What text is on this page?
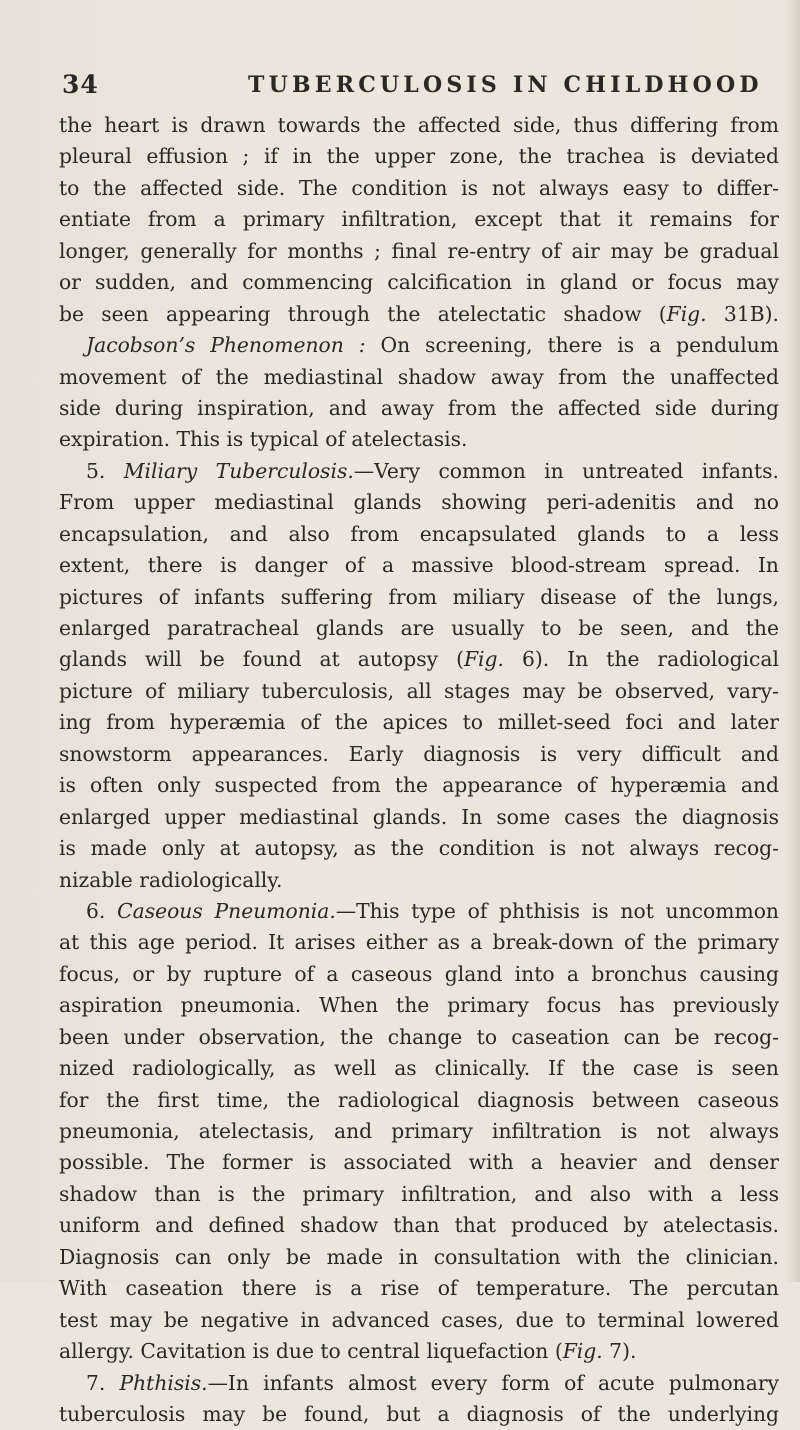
34	TUBERCULOSIS IN CHILDHOOD
the heart is drawn towards the affected side, thus differing from
pleural effusion ; if in the upper zone, the trachea is deviated
to the affected side. The condition is not always easy to differ-
entiate from a primary infiltration, except that it remains for
longer, generally for months ; final re-entry of air may be gradual
or sudden, and commencing calcification in gland or focus may
be seen appearing through the atelectatic shadow (Fig. 31B).
Jacobson’s Phenomenon : On screening, there is a pendulum
movement of the mediastinal shadow away from the unaffected
side during inspiration, and away from the affected side during
expiration. This is typical of atelectasis.
5. Miliary Tuberculosis.—Very common in untreated infants.
From upper mediastinal glands showing peri-adenitis and no
encapsulation, and also from encapsulated glands to a less
extent, there is danger of a massive blood-stream spread. In
pictures of infants suffering from miliary disease of the lungs,
enlarged paratracheal glands are usually to be seen, and the
glands will be found at autopsy (Fig. 6). In the radiological
picture of miliary tuberculosis, all stages may be observed, vary-
ing from hyperæmia of the apices to millet-seed foci and later
snowstorm appearances. Early diagnosis is very difficult and
is often only suspected from the appearance of hyperæmia and
enlarged upper mediastinal glands. In some cases the diagnosis
is made only at autopsy, as the condition is not always recog-
nizable radiologically.
6. Caseous Pneumonia.—This type of phthisis is not uncommon
at this age period. It arises either as a break-down of the primary
focus, or by rupture of a caseous gland into a bronchus causing
aspiration pneumonia. When the primary focus has previously
been under observation, the change to caseation can be recog-
nized radiologically, as well as clinically. If the case is seen
for the first time, the radiological diagnosis between caseous
pneumonia, atelectasis, and primary infiltration is not always
possible. The former is associated with a heavier and denser
shadow than is the primary infiltration, and also with a less
uniform and defined shadow than that produced by atelectasis.
Diagnosis can only be made in consultation with the clinician.
With caseation there is a rise of temperature. The percutan
test may be negative in advanced cases, due to terminal lowered
allergy. Cavitation is due to central liquefaction (Fig. 7).
7. Phthisis.—In infants almost every form of acute pulmonary
tuberculosis may be found, but a diagnosis of the underlying
